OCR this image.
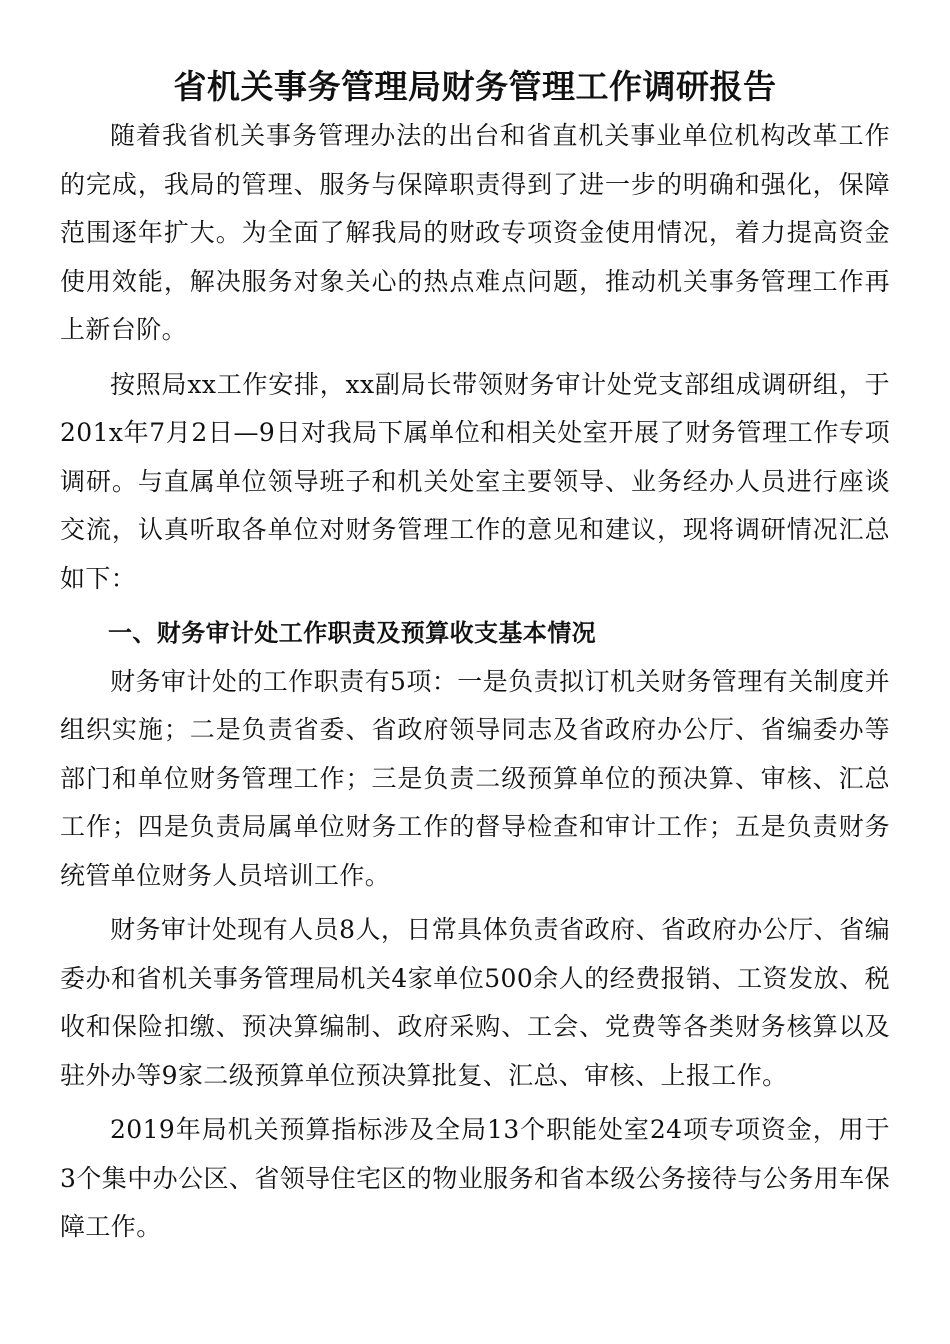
省机关事务管理局财务管理工作调研报告

随着我省机关事务管理办法的出台和省直机关事业单位机构改革工作的完成，我局的管理、服务与保障职责得到了进一步的明确和强化，保障范围逐年扩大。为全面了解我局的财政专项资金使用情况，着力提高资金使用效能，解决服务对象关心的热点难点问题，推动机关事务管理工作再上新台阶。

按照局xx工作安排，xx副局长带领财务审计处党支部组成调研组，于201x年7月2日—9日对我局下属单位和相关处室开展了财务管理工作专项调研。与直属单位领导班子和机关处室主要领导、业务经办人员进行座谈交流，认真听取各单位对财务管理工作的意见和建议，现将调研情况汇总如下：

一、财务审计处工作职责及预算收支基本情况

财务审计处的工作职责有5项：一是负责拟订机关财务管理有关制度并组织实施；二是负责省委、省政府领导同志及省政府办公厅、省编委办等部门和单位财务管理工作；三是负责二级预算单位的预决算、审核、汇总工作；四是负责局属单位财务工作的督导检查和审计工作；五是负责财务统管单位财务人员培训工作。

财务审计处现有人员8人，日常具体负责省政府、省政府办公厅、省编委办和省机关事务管理局机关4家单位500余人的经费报销、工资发放、税收和保险扣缴、预决算编制、政府采购、工会、党费等各类财务核算以及驻外办等9家二级预算单位预决算批复、汇总、审核、上报工作。

2019年局机关预算指标涉及全局13个职能处室24项专项资金，用于3个集中办公区、省领导住宅区的物业服务和省本级公务接待与公务用车保障工作。
